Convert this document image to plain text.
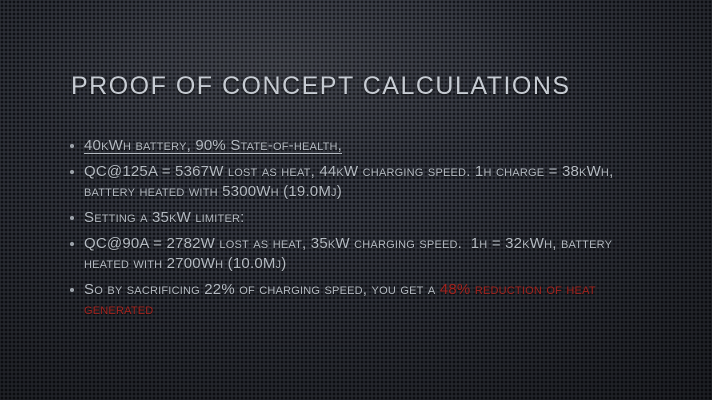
PROOF OF CONCEPT CALCULATIONS
40kWh battery, 90% State-of-health,
QC@125A = 5367W lost as heat, 44kW charging speed. 1h charge = 38kWh, battery heated with 5300Wh (19.0Mj)
Setting a 35kW limiter:
QC@90A = 2782W lost as heat, 35kW charging speed.  1h = 32kWh, battery heated with 2700Wh (10.0Mj)
So by sacrificing 22% of charging speed, you get a 48% reduction of heat generated
